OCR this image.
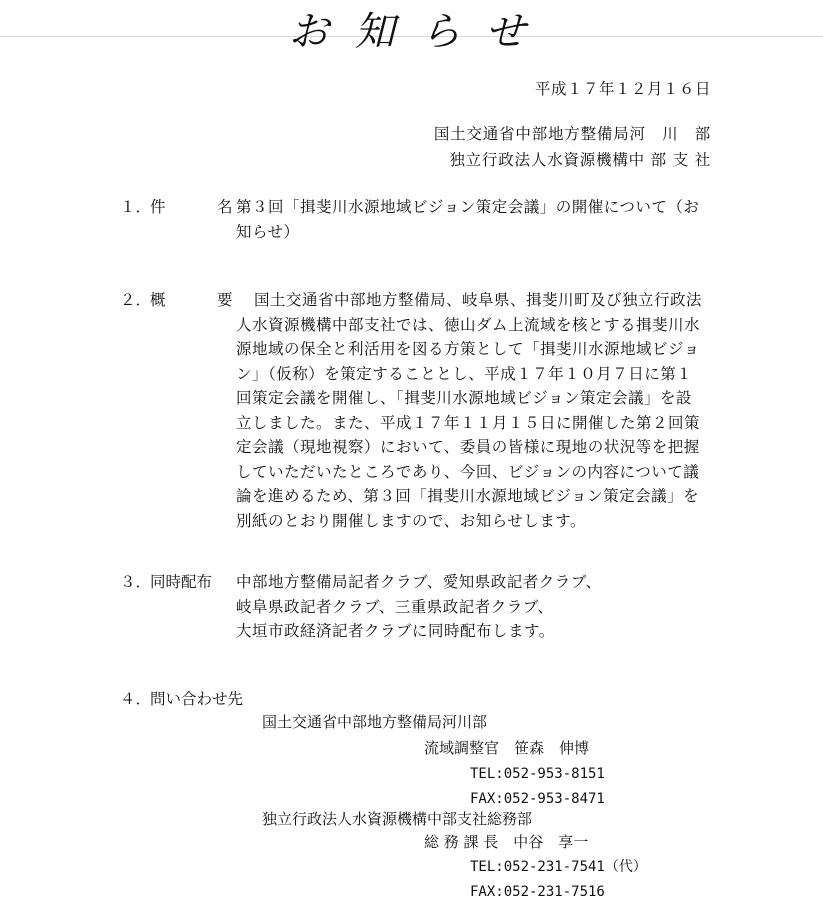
お知らせ
平成１７年１２月１６日
国土交通省中部地方整備局河　川　部
独立行政法人水資源機構中 部 支 社
１．
件　名

第３回「揖斐川水源地域ビジョン策定会議」の開催について（お

知らせ）

２．
概　要 国土交通省中部地方整備局、岐阜県、揖斐川町及び独立行政法

人水資源機構中部支社では、徳山ダム上流域を核とする揖斐川水

源地域の保全と利活用を図る方策として「揖斐川水源地域ビジョ

ン」（仮称）を策定することとし、平成１７年１０月７日に第１

回策定会議を開催し、「揖斐川水源地域ビジョン策定会議」を設

立しました。また、平成１７年１１月１５日に開催した第２回策

定会議（現地視察）において、委員の皆様に現地の状況等を把握

していただいたところであり、今回、ビジョンの内容について議

論を進めるため、第３回「揖斐川水源地域ビジョン策定会議」を

別紙のとおり開催しますので、お知らせします。

３．
同時配布 中部地方整備局記者クラブ、愛知県政記者クラブ、

岐阜県政記者クラブ、三重県政記者クラブ、

大垣市政経済記者クラブに同時配布します。

４．
問い合わせ先
国土交通省中部地方整備局河川部
流域調整官　笹森　伸博
TEL:052-953-8151
FAX:052-953-8471
独立行政法人水資源機構中部支社総務部
総 務 課 長　中谷　享一
TEL:052-231-7541（代）
FAX:052-231-7516
